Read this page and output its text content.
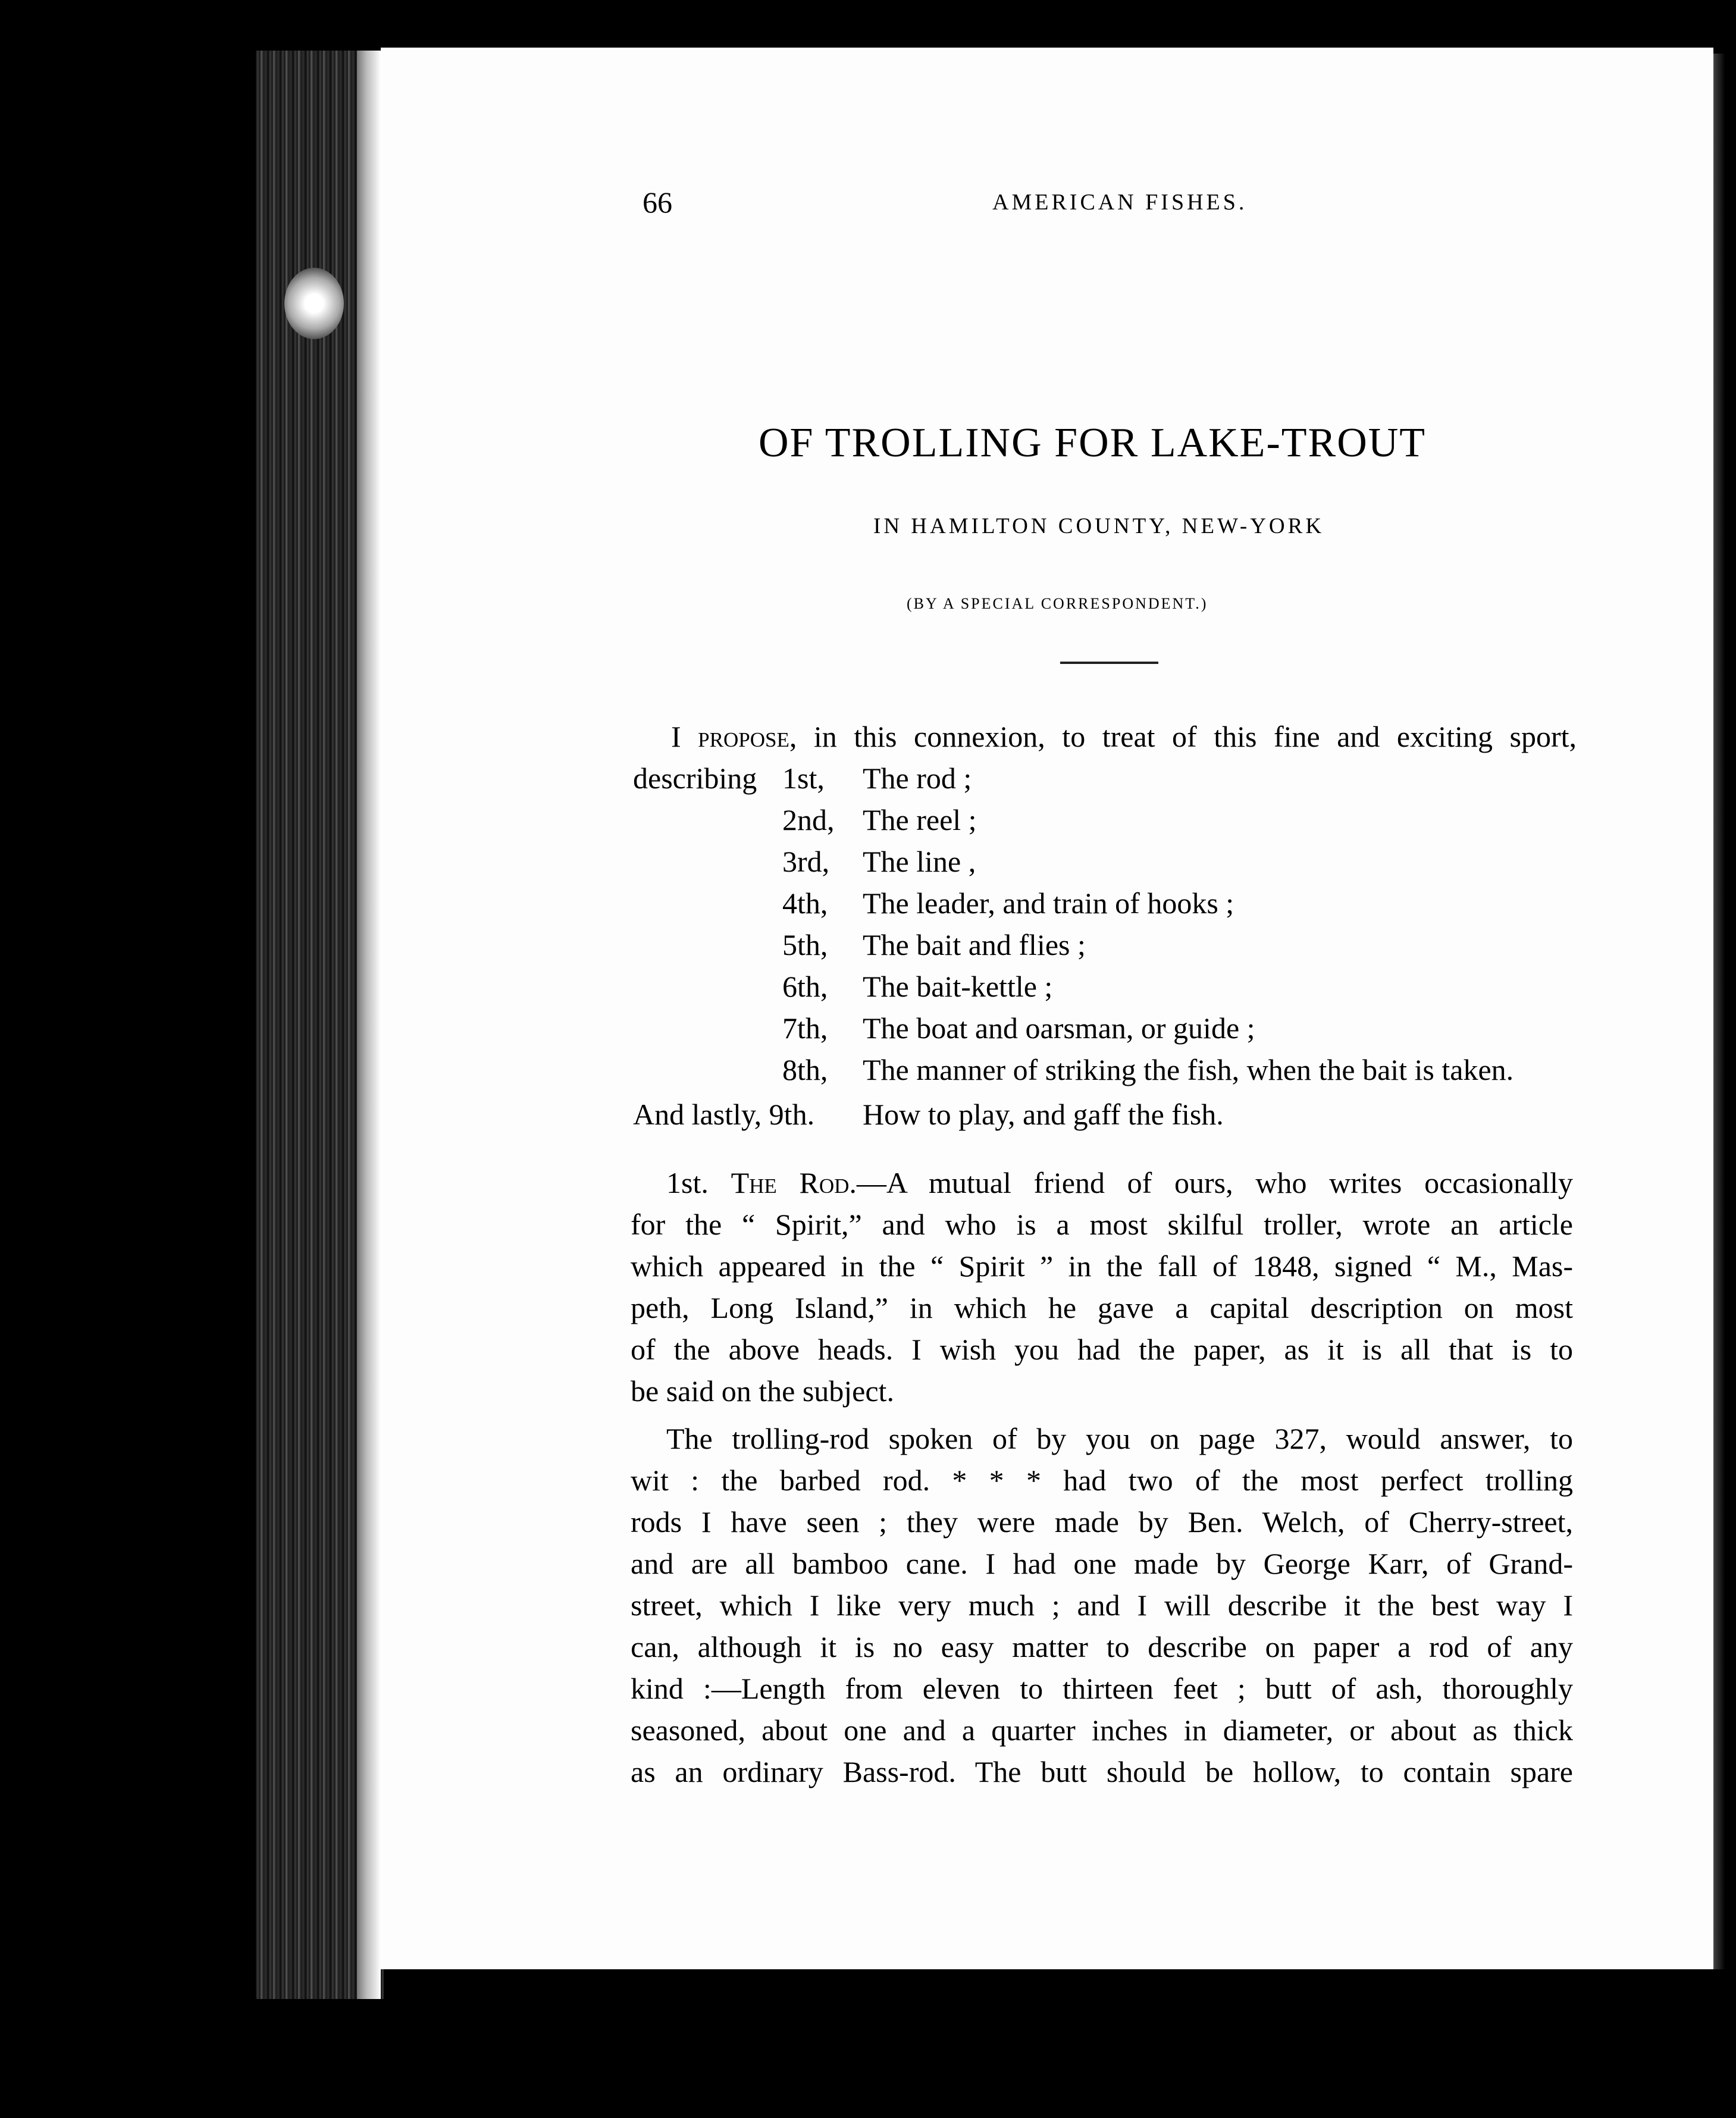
66	AMERICAN FISHES.
OF TROLLING FOR LAKE-TROUT
IN HAMILTON COUNTY, NEW-YORK
(BY A SPECIAL CORRESPONDENT.)
I propose, in this connexion, to treat of this fine and exciting sport,
describing 1st, The rod ;
2nd, The reel ;
3rd, The line ,
4th, The leader, and train of hooks ;
5th, The bait and flies ;
6th, The bait-kettle ;
7th, The boat and oarsman, or guide ;
8th, The manner of striking the fish, when the bait is taken.
And lastly, 9th. How to play, and gaff the fish.
1st. The Rod.—A mutual friend of ours, who writes occasionally
for the “ Spirit,” and who is a most skilful troller, wrote an article
which appeared in the “ Spirit ” in the fall of 1848, signed “ M., Mas-
peth, Long Island,” in which he gave a capital description on most
of the above heads. I wish you had the paper, as it is all that is to
be said on the subject.
The trolling-rod spoken of by you on page 327, would answer, to
wit : the barbed rod. * * * had two of the most perfect trolling
rods I have seen ; they were made by Ben. Welch, of Cherry-street,
and are all bamboo cane. I had one made by George Karr, of Grand-
street, which I like very much ; and I will describe it the best way I
can, although it is no easy matter to describe on paper a rod of any
kind :—Length from eleven to thirteen feet ; butt of ash, thoroughly
seasoned, about one and a quarter inches in diameter, or about as thick
as an ordinary Bass-rod. The butt should be hollow, to contain spare
